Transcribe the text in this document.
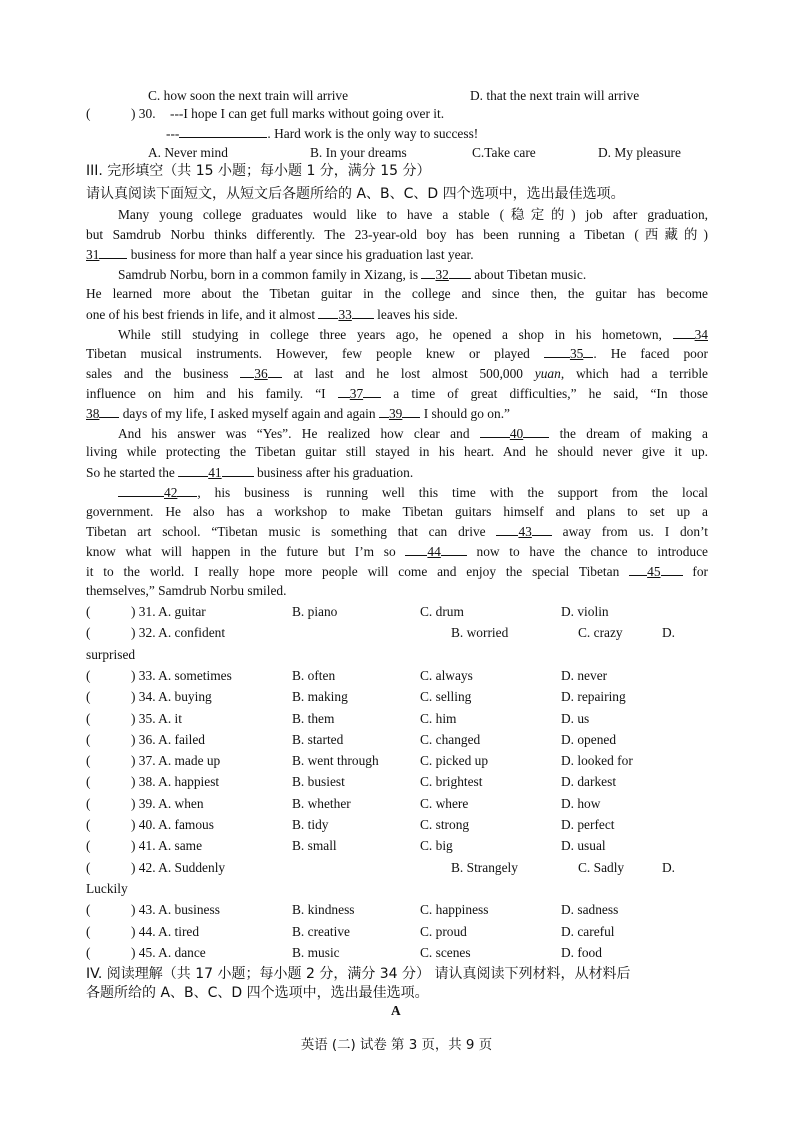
C. how soon the next train will arrive	D. that the next train will arrive
(	) 30. ---I hope I can get full marks without going over it.
---	. Hard work is the only way to success!
A. Never mind	B. In your dreams	C.Take care	D. My pleasure
III. 完形填空（共 15 小题；每小题 1 分，满分 15 分）
请认真阅读下面短文，从短文后各题所给的 A、B、C、D 四个选项中，选出最佳选项。
Many young college graduates would like to have a stable (稳定的) job after graduation,
but Samdrub Norbu thinks differently. The 23-year-old boy has been running a Tibetan (西藏的)
31 business for more than half a year since his graduation last year.
Samdrub Norbu, born in a common family in Xizang, is 32 about Tibetan music.
He learned more about the Tibetan guitar in the college and since then, the guitar has become
one of his best friends in life, and it almost 33 leaves his side.
While still studying in college three years ago, he opened a shop in his hometown, 34
Tibetan musical instruments. However, few people knew or played 35 . He faced poor
sales and the business 36 at last and he lost almost 500,000 yuan, which had a terrible
influence on him and his family. “I 37 a time of great difficulties,” he said, “In those
38 days of my life, I asked myself again and again 39 I should go on.”
And his answer was “Yes”. He realized how clear and 40 the dream of making a
living while protecting the Tibetan guitar still stayed in his heart. And he should never give it up.
So he started the 41 business after his graduation.
42 , his business is running well this time with the support from the local
government. He also has a workshop to make Tibetan guitars himself and plans to set up a
Tibetan art school. “Tibetan music is something that can drive 43 away from us. I don’t
know what will happen in the future but I’m so 44 now to have the chance to introduce
it to the world. I really hope more people will come and enjoy the special Tibetan 45 for
themselves,” Samdrub Norbu smiled.
(	) 31. A. guitar	B. piano	C. drum	D. violin
(	) 32. A. confident	B. worried	C. crazy	D.
surprised
(	) 33. A. sometimes	B. often	C. always	D. never
(	) 34. A. buying	B. making	C. selling	D. repairing
(	) 35. A. it	B. them	C. him	D. us
(	) 36. A. failed	B. started	C. changed	D. opened
(	) 37. A. made up	B. went through	C. picked up	D. looked for
(	) 38. A. happiest	B. busiest	C. brightest	D. darkest
(	) 39. A. when	B. whether	C. where	D. how
(	) 40. A. famous	B. tidy	C. strong	D. perfect
(	) 41. A. same	B. small	C. big	D. usual
(	) 42. A. Suddenly	B. Strangely	C. Sadly	D.
Luckily
(	) 43. A. business	B. kindness	C. happiness	D. sadness
(	) 44. A. tired	B. creative	C. proud	D. careful
(	) 45. A. dance	B. music	C. scenes	D. food
IV. 阅读理解（共 17 小题；每小题 2 分，满分 34 分） 请认真阅读下列材料，从材料后
各题所给的 A、B、C、D 四个选项中，选出最佳选项。
A
英语 (二) 试卷 第 3 页，共 9 页
